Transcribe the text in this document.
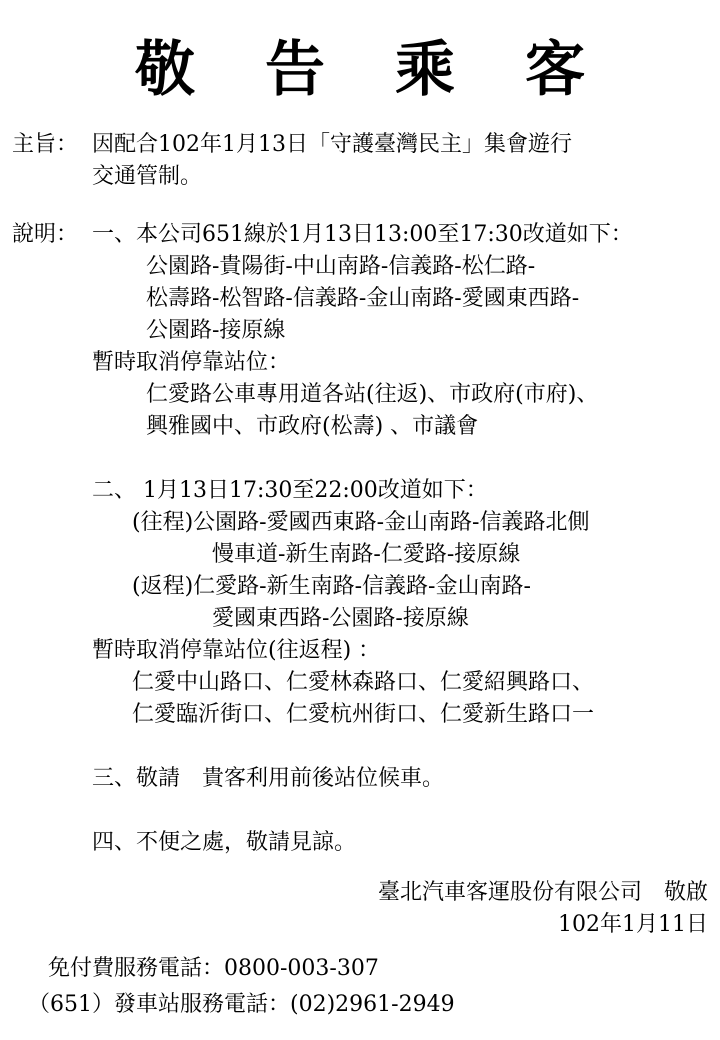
敬告乘客
主旨： 因配合102年1月13日「守護臺灣民主」集會遊行
交通管制。
說明： 一、本公司651線於1月13日13:00至17:30改道如下：
公園路-貴陽街-中山南路-信義路-松仁路-
松壽路-松智路-信義路-金山南路-愛國東西路-
公園路-接原線
暫時取消停靠站位：
仁愛路公車專用道各站(往返)、市政府(市府)、
興雅國中、市政府(松壽) 、市議會
二、 1月13日17:30至22:00改道如下：
(往程)公園路-愛國西東路-金山南路-信義路北側
慢車道-新生南路-仁愛路-接原線
(返程)仁愛路-新生南路-信義路-金山南路-
愛國東西路-公園路-接原線
暫時取消停靠站位(往返程) ：
仁愛中山路口、仁愛林森路口、仁愛紹興路口、
仁愛臨沂街口、仁愛杭州街口、仁愛新生路口一
三、敬請　貴客利用前後站位候車。
四、不便之處，敬請見諒。
臺北汽車客運股份有限公司　敬啟
102年1月11日
免付費服務電話：0800-003-307
（651）發車站服務電話：(02)2961-2949
